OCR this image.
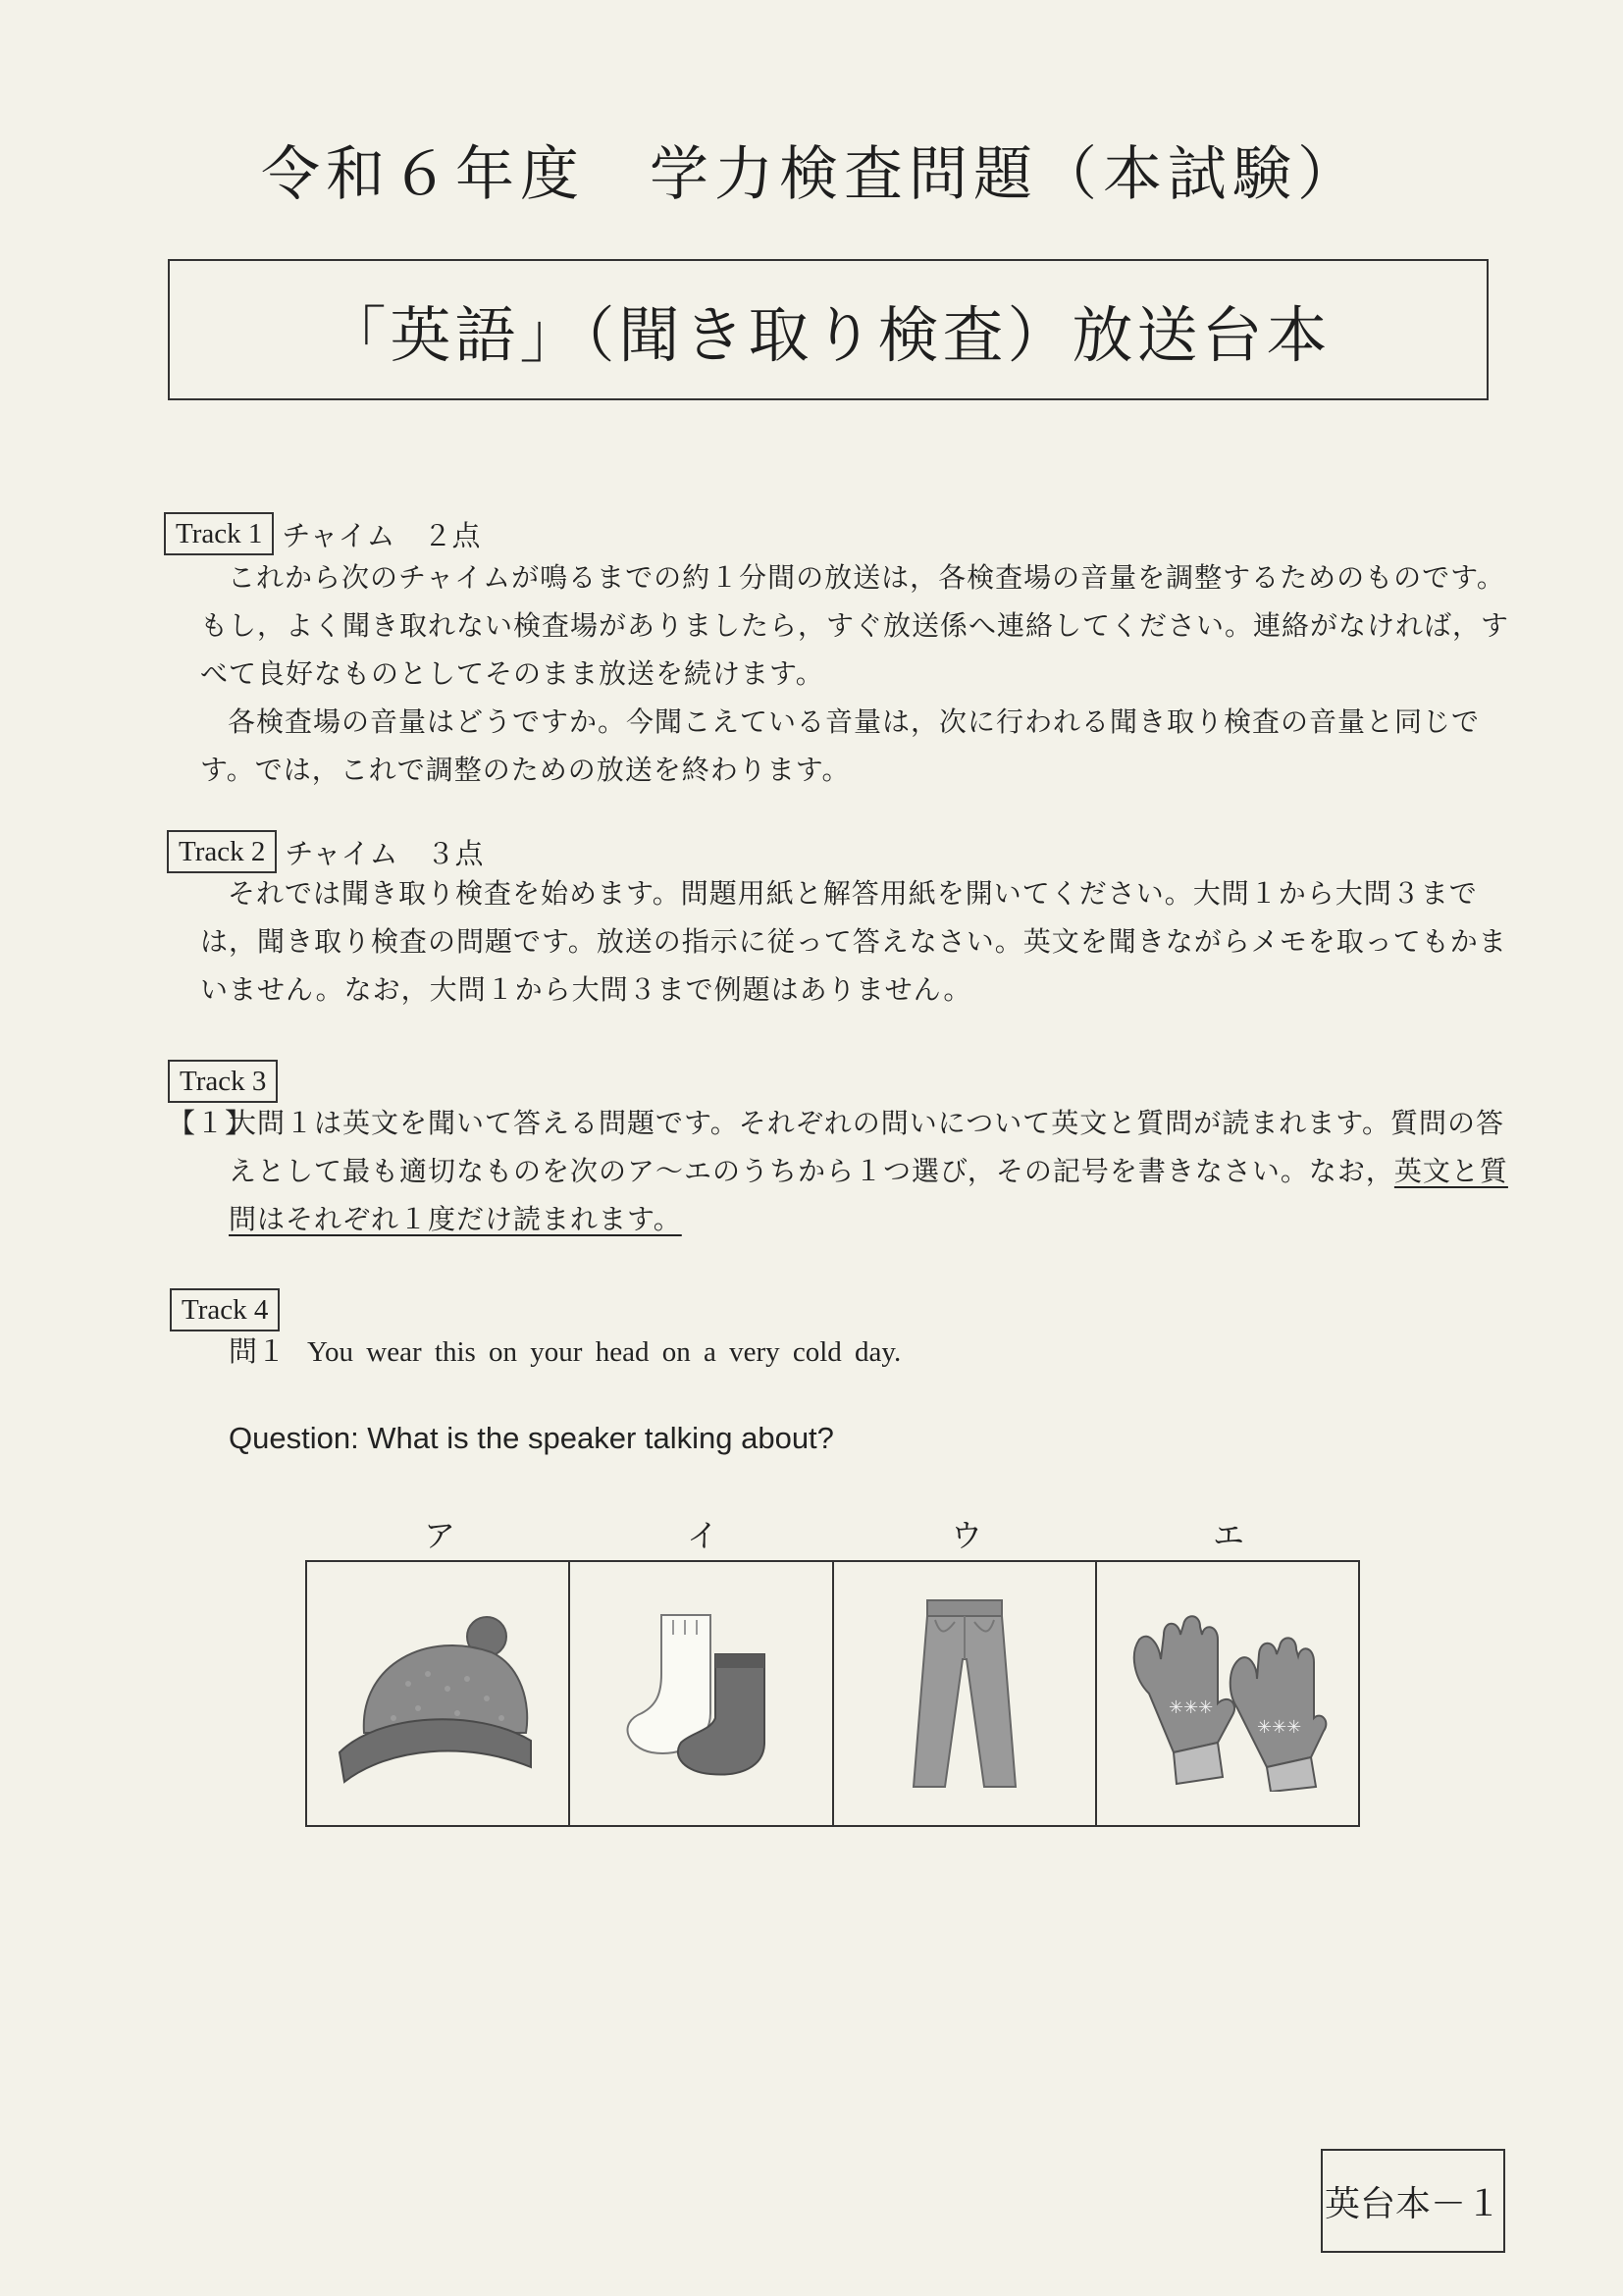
令和６年度　学力検査問題（本試験）
「英語」（聞き取り検査）放送台本
Track 1 チャイム　２点

これから次のチャイムが鳴るまでの約１分間の放送は，各検査場の音量を調整するためのものです。もし，よく聞き取れない検査場がありましたら，すぐ放送係へ連絡してください。連絡がなければ，すべて良好なものとしてそのまま放送を続けます。

各検査場の音量はどうですか。今聞こえている音量は，次に行われる聞き取り検査の音量と同じです。では，これで調整のための放送を終わります。

Track 2 チャイム　３点

それでは聞き取り検査を始めます。問題用紙と解答用紙を開いてください。大問１から大問３までは，聞き取り検査の問題です。放送の指示に従って答えなさい。英文を聞きながらメモを取ってもかまいません。なお，大問１から大問３まで例題はありません。

Track 3
【１】
大問１は英文を聞いて答える問題です。それぞれの問いについて英文と質問が読まれます。質問の答えとして最も適切なものを次のア～エのうちから１つ選び，その記号を書きなさい。なお，英文と質問はそれぞれ１度だけ読まれます。
Track 4
問１ You wear this on your head on a very cold day.
Question: What is the speaker talking about?
ア	イ	ウ	エ
✳✳✳
✳✳✳
英台本－１
